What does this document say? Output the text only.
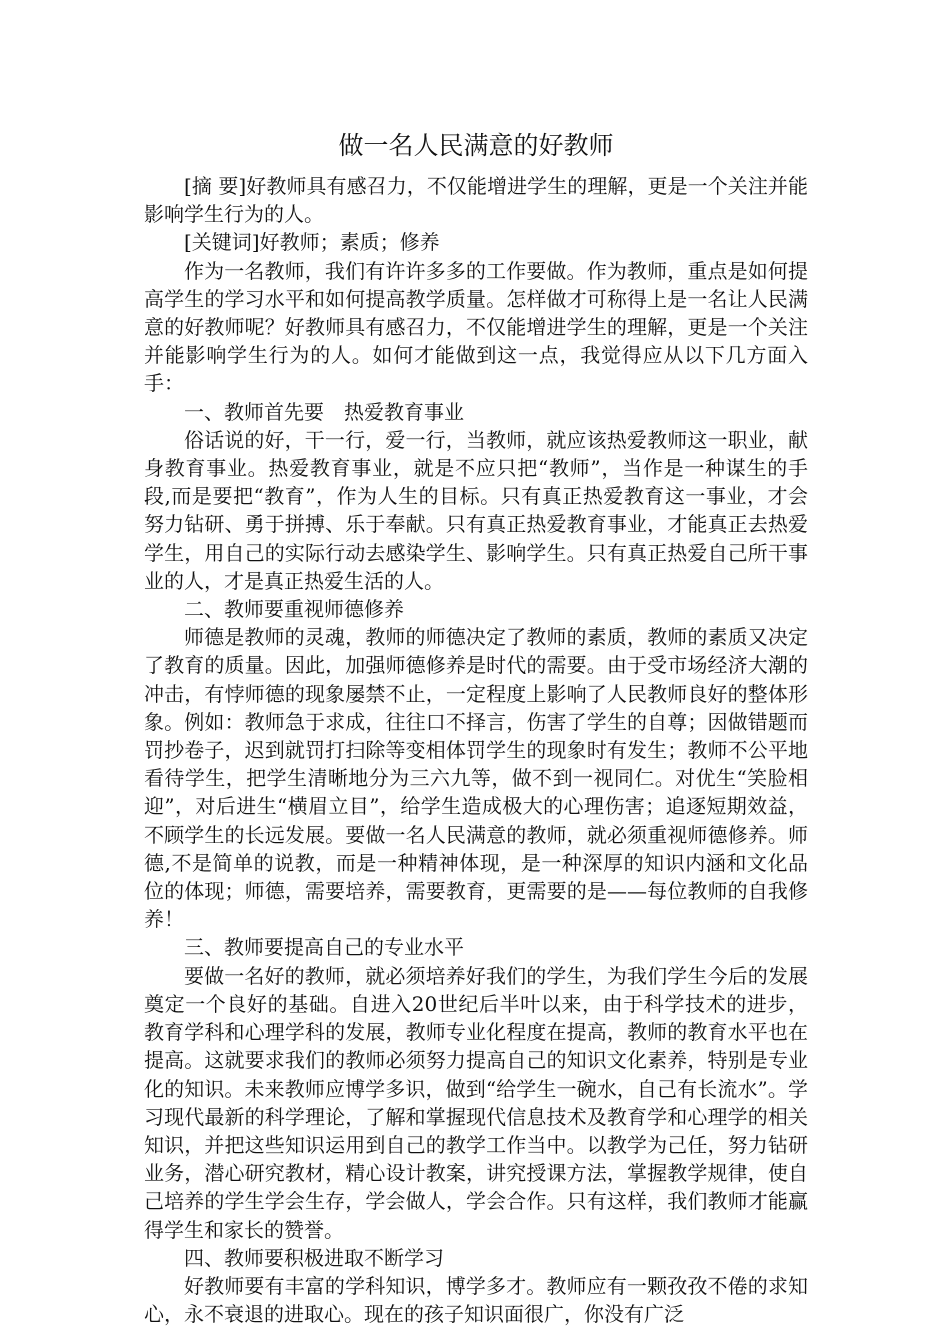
做一名人民满意的好教师

[摘 要]好教师具有感召力，不仅能增进学生的理解，更是一个关注并能影响学生行为的人。

[关键词]好教师；素质；修养

作为一名教师，我们有许许多多的工作要做。作为教师，重点是如何提高学生的学习水平和如何提高教学质量。怎样做才可称得上是一名让人民满意的好教师呢？好教师具有感召力，不仅能增进学生的理解，更是一个关注并能影响学生行为的人。如何才能做到这一点，我觉得应从以下几方面入手：

一、教师首先要　热爱教育事业

俗话说的好，干一行，爱一行，当教师，就应该热爱教师这一职业，献身教育事业。热爱教育事业，就是不应只把“教师”，当作是一种谋生的手段,而是要把“教育”，作为人生的目标。只有真正热爱教育这一事业，才会努力钻研、勇于拼搏、乐于奉献。只有真正热爱教育事业，才能真正去热爱学生，用自己的实际行动去感染学生、影响学生。只有真正热爱自己所干事业的人，才是真正热爱生活的人。

二、教师要重视师德修养

师德是教师的灵魂，教师的师德决定了教师的素质，教师的素质又决定了教育的质量。因此，加强师德修养是时代的需要。由于受市场经济大潮的冲击，有悖师德的现象屡禁不止，一定程度上影响了人民教师良好的整体形象。例如：教师急于求成，往往口不择言，伤害了学生的自尊；因做错题而罚抄卷子，迟到就罚打扫除等变相体罚学生的现象时有发生；教师不公平地看待学生，把学生清晰地分为三六九等，做不到一视同仁。对优生“笑脸相迎”，对后进生“横眉立目”，给学生造成极大的心理伤害；追逐短期效益，不顾学生的长远发展。要做一名人民满意的教师，就必须重视师德修养。师德,不是简单的说教，而是一种精神体现，是一种深厚的知识内涵和文化品位的体现；师德，需要培养，需要教育，更需要的是——每位教师的自我修养！

三、教师要提高自己的专业水平

要做一名好的教师，就必须培养好我们的学生，为我们学生今后的发展奠定一个良好的基础。自进入20世纪后半叶以来，由于科学技术的进步，教育学科和心理学科的发展，教师专业化程度在提高，教师的教育水平也在提高。这就要求我们的教师必须努力提高自己的知识文化素养，特别是专业化的知识。未来教师应博学多识，做到“给学生一碗水，自己有长流水”。学习现代最新的科学理论，了解和掌握现代信息技术及教育学和心理学的相关知识，并把这些知识运用到自己的教学工作当中。以教学为己任，努力钻研业务，潜心研究教材，精心设计教案，讲究授课方法，掌握教学规律，使自己培养的学生学会生存，学会做人，学会合作。只有这样，我们教师才能赢得学生和家长的赞誉。

四、教师要积极进取不断学习

好教师要有丰富的学科知识，博学多才。教师应有一颗孜孜不倦的求知心，永不衰退的进取心。现在的孩子知识面很广，你没有广泛
